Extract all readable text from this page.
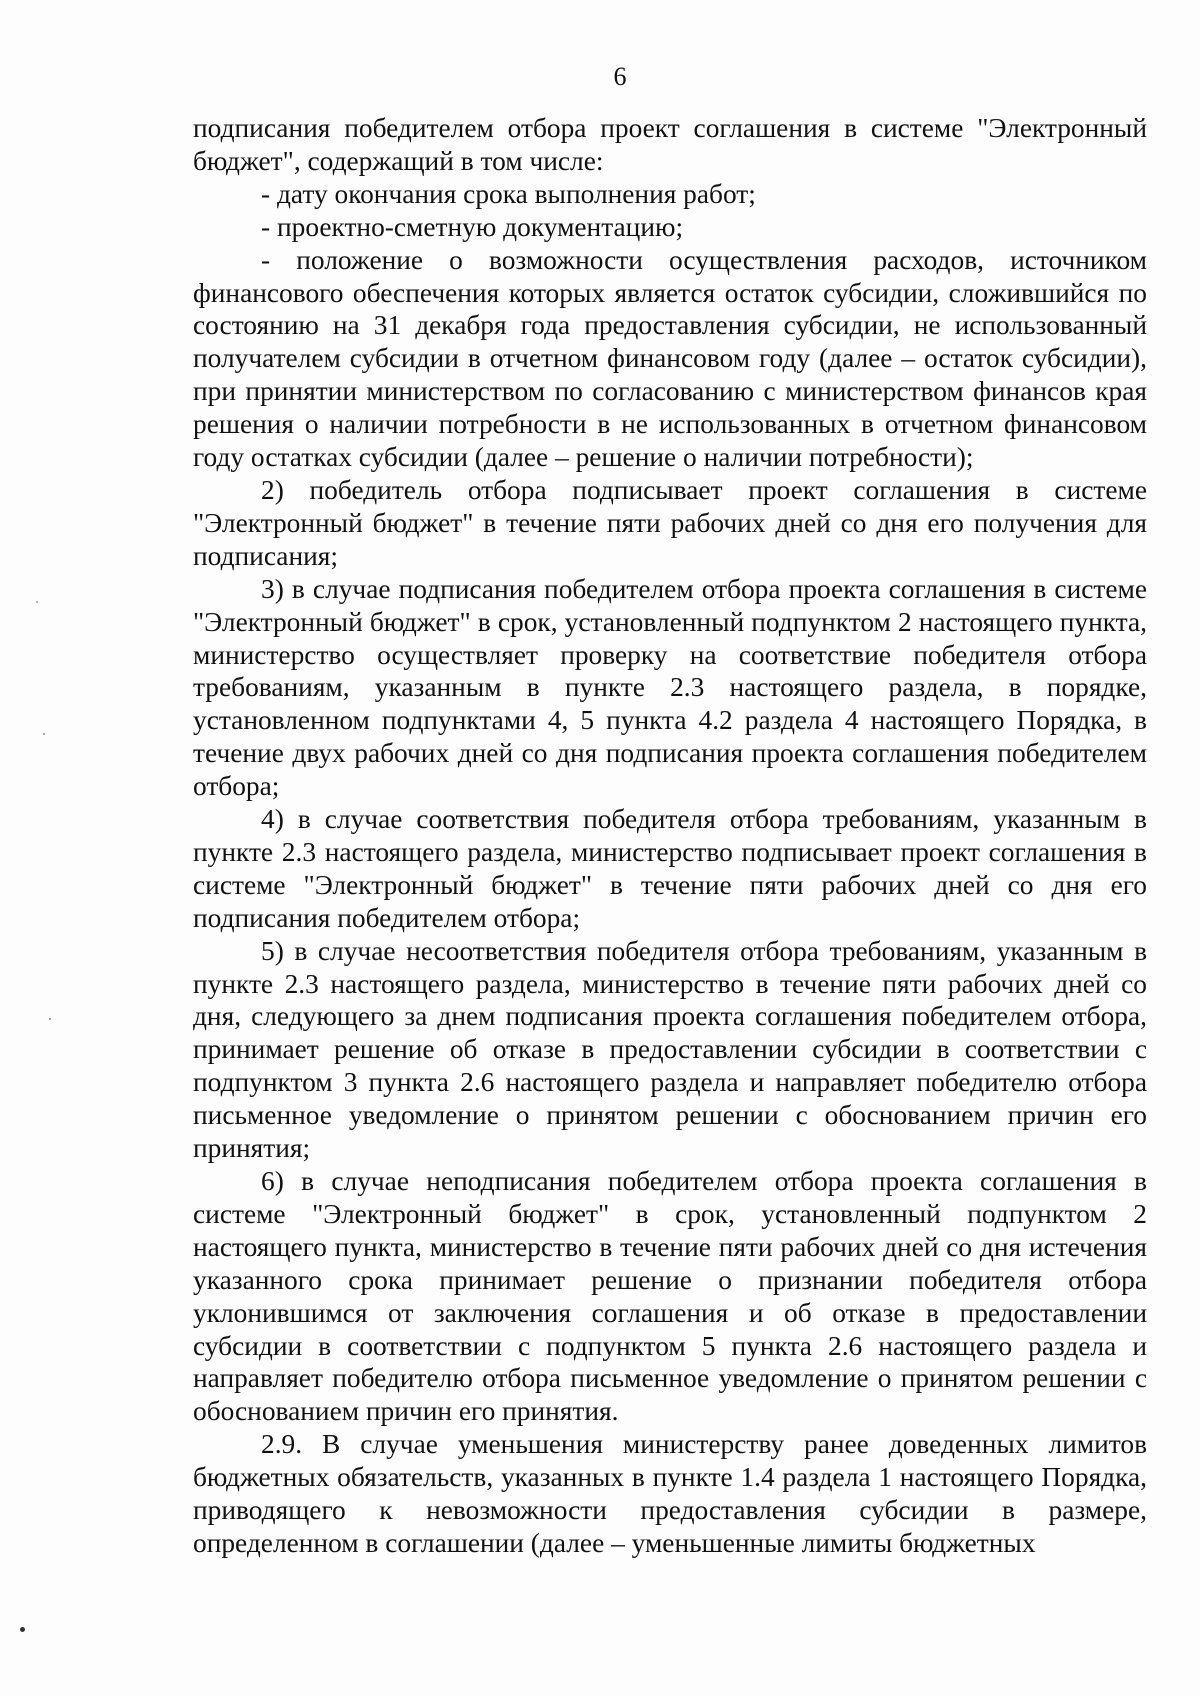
6

подписания победителем отбора проект соглашения в системе "Электронный бюджет", содержащий в том числе:

- дату окончания срока выполнения работ;

- проектно-сметную документацию;

- положение о возможности осуществления расходов, источником финансового обеспечения которых является остаток субсидии, сложившийся по состоянию на 31 декабря года предоставления субсидии, не использованный получателем субсидии в отчетном финансовом году (далее – остаток субсидии), при принятии министерством по согласованию с министерством финансов края решения о наличии потребности в не использованных в отчетном финансовом году остатках субсидии (далее – решение о наличии потребности);

2) победитель отбора подписывает проект соглашения в системе "Электронный бюджет" в течение пяти рабочих дней со дня его получения для подписания;

3) в случае подписания победителем отбора проекта соглашения в системе "Электронный бюджет" в срок, установленный подпунктом 2 настоящего пункта, министерство осуществляет проверку на соответствие победителя отбора требованиям, указанным в пункте 2.3 настоящего раздела, в порядке, установленном подпунктами 4, 5 пункта 4.2 раздела 4 настоящего Порядка, в течение двух рабочих дней со дня подписания проекта соглашения победителем отбора;

4) в случае соответствия победителя отбора требованиям, указанным в пункте 2.3 настоящего раздела, министерство подписывает проект соглашения в системе "Электронный бюджет" в течение пяти рабочих дней со дня его подписания победителем отбора;

5) в случае несоответствия победителя отбора требованиям, указанным в пункте 2.3 настоящего раздела, министерство в течение пяти рабочих дней со дня, следующего за днем подписания проекта соглашения победителем отбора, принимает решение об отказе в предоставлении субсидии в соответствии с подпунктом 3 пункта 2.6 настоящего раздела и направляет победителю отбора письменное уведомление о принятом решении с обоснованием причин его принятия;

6) в случае неподписания победителем отбора проекта соглашения в системе "Электронный бюджет" в срок, установленный подпунктом 2 настоящего пункта, министерство в течение пяти рабочих дней со дня истечения указанного срока принимает решение о признании победителя отбора уклонившимся от заключения соглашения и об отказе в предоставлении субсидии в соответствии с подпунктом 5 пункта 2.6 настоящего раздела и направляет победителю отбора письменное уведомление о принятом решении с обоснованием причин его принятия.

2.9. В случае уменьшения министерству ранее доведенных лимитов бюджетных обязательств, указанных в пункте 1.4 раздела 1 настоящего Порядка, приводящего к невозможности предоставления субсидии в размере, определенном в соглашении (далее – уменьшенные лимиты бюджетных
